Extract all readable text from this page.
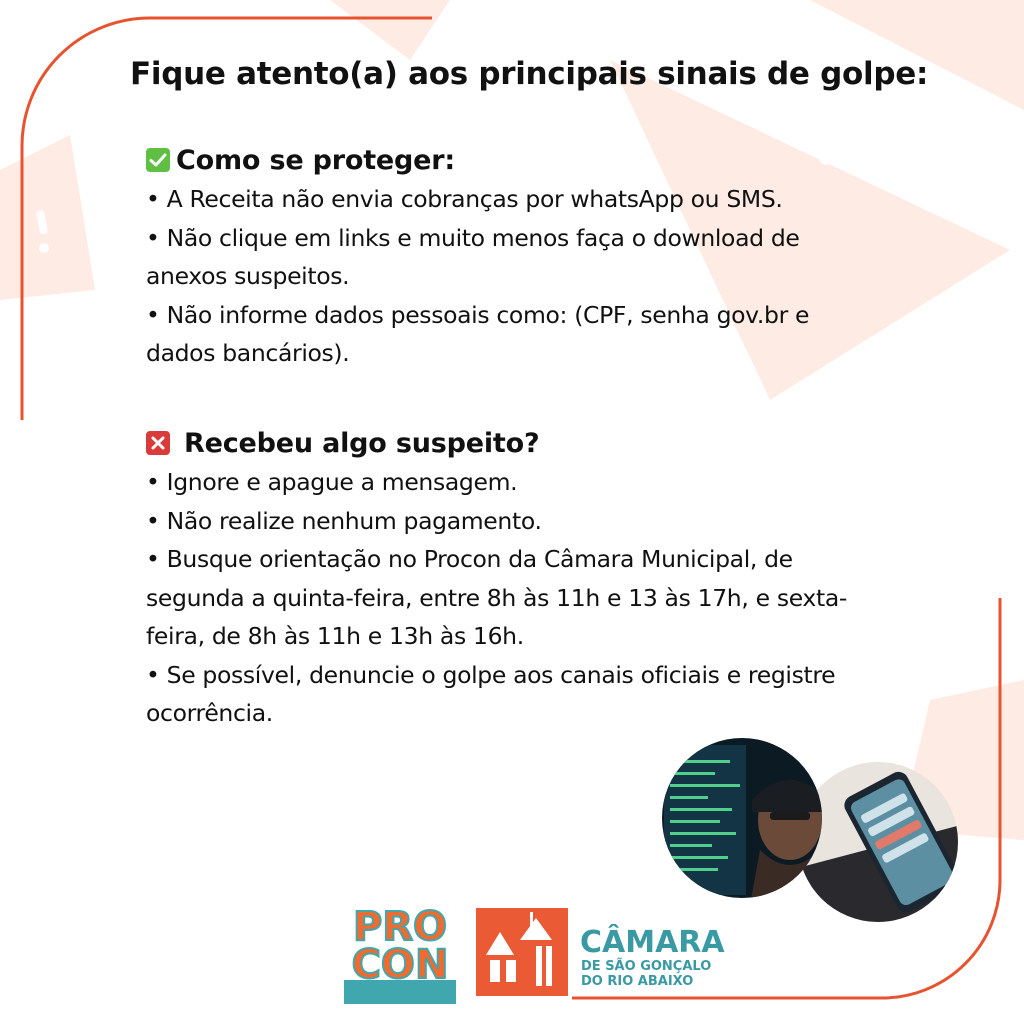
Fique atento(a) aos principais sinais de golpe:
Como se proteger:
• A Receita não envia cobranças por whatsApp ou SMS.
• Não clique em links e muito menos faça o download de
anexos suspeitos.
• Não informe dados pessoais como: (CPF, senha gov.br e
dados bancários).
Recebeu algo suspeito?
• Ignore e apague a mensagem.
• Não realize nenhum pagamento.
• Busque orientação no Procon da Câmara Municipal, de
segunda a quinta-feira, entre 8h às 11h e 13 às 17h, e sexta-
feira, de 8h às 11h e 13h às 16h.
• Se possível, denuncie o golpe aos canais oficiais e registre
ocorrência.
PRO
CON	CÂMARA
DE SÃO GONÇALO
DO RIO ABAIXO
